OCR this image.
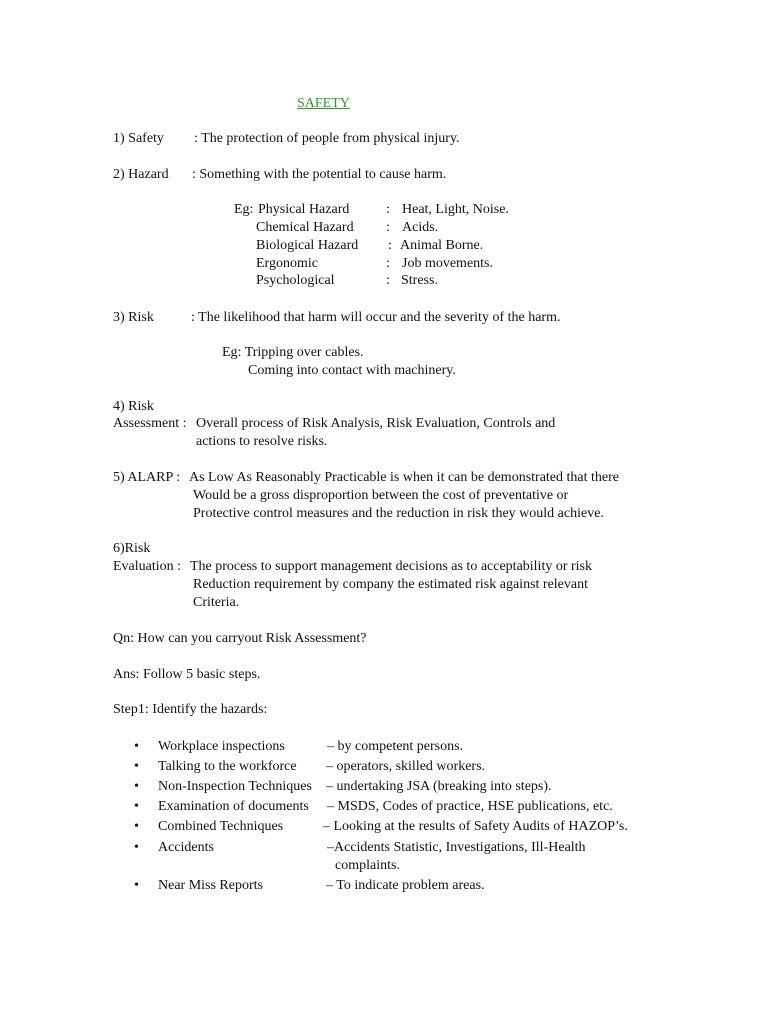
SAFETY
1) Safety : The protection of people from physical injury.
2) Hazard : Something with the potential to cause harm.
Eg: Physical Hazard	: Heat, Light, Noise.
Chemical Hazard : Acids.
Biological Hazard : Animal Borne.
Ergonomic	: Job movements.
Psychological	: Stress.
3) Risk	: The likelihood that harm will occur and the severity of the harm.
Eg: Tripping over cables.
Coming into contact with machinery.
4) Risk
Assessment : Overall process of Risk Analysis, Risk Evaluation, Controls and
actions to resolve risks.
5) ALARP : As Low As Reasonably Practicable is when it can be demonstrated that there
Would be a gross disproportion between the cost of preventative or
Protective control measures and the reduction in risk they would achieve.
6)Risk
Evaluation : The process to support management decisions as to acceptability or risk
Reduction requirement by company the estimated risk against relevant
Criteria.
Qn: How can you carryout Risk Assessment?
Ans: Follow 5 basic steps.
Step1: Identify the hazards:
• Workplace inspections	– by competent persons.
• Talking to the workforce – operators, skilled workers.
• Non-Inspection Techniques – undertaking JSA (breaking into steps).
• Examination of documents – MSDS, Codes of practice, HSE publications, etc.
• Combined Techniques	– Looking at the results of Safety Audits of HAZOP’s.
• Accidents	–Accidents Statistic, Investigations, Ill-Health
complaints.
• Near Miss Reports	– To indicate problem areas.
